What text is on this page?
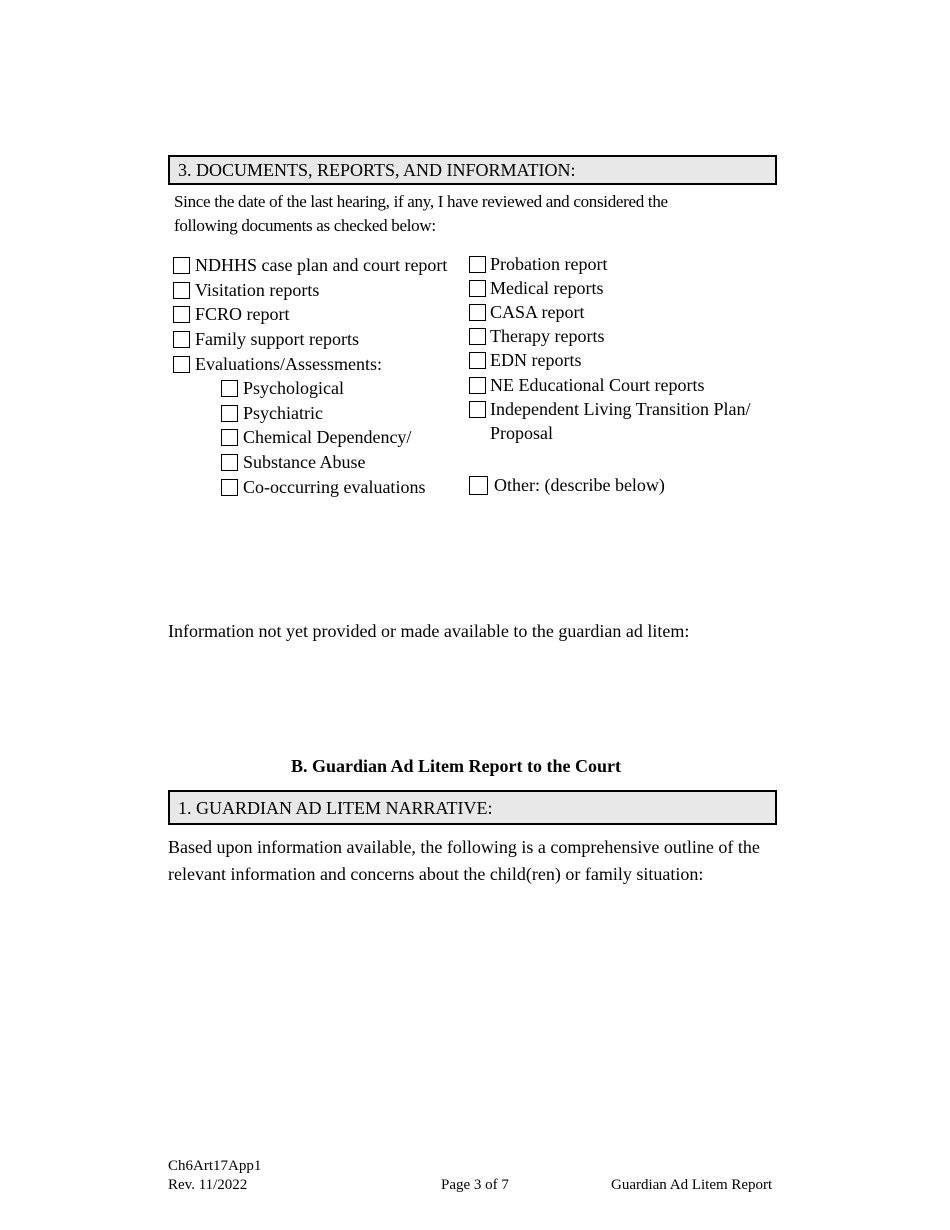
3. DOCUMENTS, REPORTS, AND INFORMATION:
Since the date of the last hearing, if any, I have reviewed and considered the
following documents as checked below:
NDHHS case plan and court report
Visitation reports
FCRO report
Family support reports
Evaluations/Assessments:
Psychological
Psychiatric
Chemical Dependency/
Substance Abuse
Co-occurring evaluations
Probation report
Medical reports
CASA report
Therapy reports
EDN reports
NE Educational Court reports
Independent Living Transition Plan/
Proposal
Other: (describe below)
Information not yet provided or made available to the guardian ad litem:
B. Guardian Ad Litem Report to the Court
1. GUARDIAN AD LITEM NARRATIVE:
Based upon information available, the following is a comprehensive outline of the
relevant information and concerns about the child(ren) or family situation:
Ch6Art17App1
Rev. 11/2022	Page 3 of 7	Guardian Ad Litem Report
